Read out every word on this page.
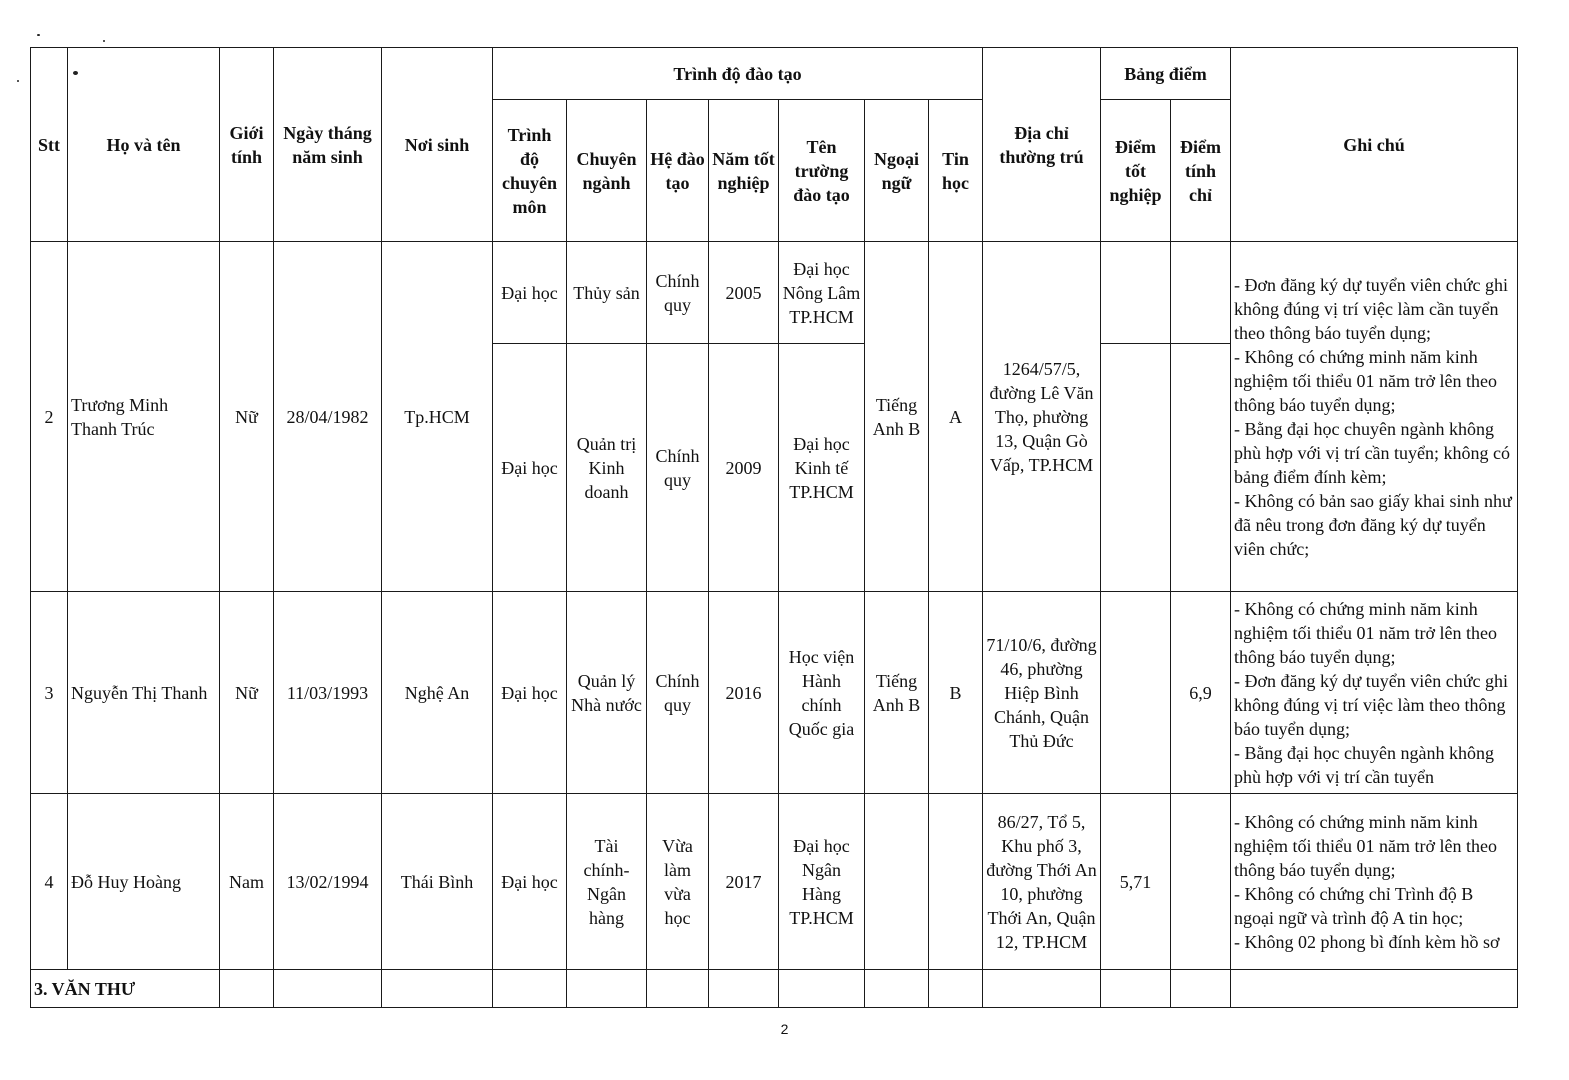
Stt	Họ và tên	Giới tính	Ngày tháng năm sinh	Nơi sinh	Trình độ đào tạo							Địa chỉ thường trú	Bảng điểm		Ghi chú
					Trình độ chuyên môn	Chuyên ngành	Hệ đào tạo	Năm tốt nghiệp	Tên trường đào tạo	Ngoại ngữ	Tin học		Điểm tốt nghiệp	Điểm tính chỉ	
2	Trương Minh Thanh Trúc	Nữ	28/04/1982	Tp.HCM	Đại học	Thủy sản	Chính quy	2005	Đại học Nông Lâm TP.HCM	Tiếng Anh B	A	1264/57/5, đường Lê Văn Thọ, phường 13, Quận Gò Vấp, TP.HCM			- Đơn đăng ký dự tuyển viên chức ghi không đúng vị trí việc làm cần tuyển theo thông báo tuyển dụng;
- Không có chứng minh năm kinh nghiệm tối thiểu 01 năm trở lên theo thông báo tuyển dụng;
- Bằng đại học chuyên ngành không phù hợp với vị trí cần tuyển; không có bảng điểm đính kèm;
- Không có bản sao giấy khai sinh như đã nêu trong đơn đăng ký dự tuyển viên chức;

					Đại học	Quản trị Kinh doanh	Chính quy	2009	Đại học Kinh tế TP.HCM						
3	Nguyễn Thị Thanh	Nữ	11/03/1993	Nghệ An	Đại học	Quản lý Nhà nước	Chính quy	2016	Học viện Hành chính Quốc gia	Tiếng Anh B	B	71/10/6, đường 46, phường Hiệp Bình Chánh, Quận Thủ Đức		6,9	- Không có chứng minh năm kinh nghiệm tối thiểu 01 năm trở lên theo thông báo tuyển dụng;
- Đơn đăng ký dự tuyển viên chức ghi không đúng vị trí việc làm theo thông báo tuyển dụng;
- Bằng đại học chuyên ngành không phù hợp với vị trí cần tuyển

4	Đỗ Huy Hoàng	Nam	13/02/1994	Thái Bình	Đại học	Tài chính-Ngân hàng	Vừa làm vừa học	2017	Đại học Ngân Hàng TP.HCM			86/27, Tổ 5, Khu phố 3, đường Thới An 10, phường Thới An, Quận 12, TP.HCM	5,71		- Không có chứng minh năm kinh nghiệm tối thiểu 01 năm trở lên theo thông báo tuyển dụng;
- Không có chứng chỉ Trình độ B ngoại ngữ và trình độ A tin học;
- Không 02 phong bì đính kèm hồ sơ

3. VĂN THƯ															
2
